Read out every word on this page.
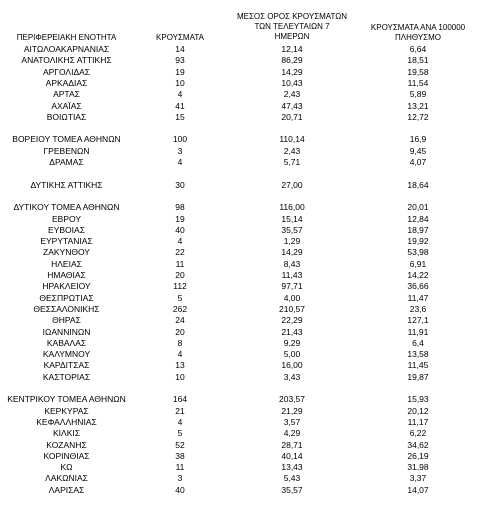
ΠΕΡΙΦΕΡΕΙΑΚΗ ΕΝΟΤΗΤΑ	ΚΡΟΥΣΜΑΤΑ
ΜΕΣΟΣ ΟΡΟΣ ΚΡΟΥΣΜΑΤΩΝ
ΤΩΝ ΤΕΛΕΥΤΑΙΩΝ 7
ΗΜΕΡΩΝ
ΚΡΟΥΣΜΑΤΑ ΑΝΑ 100000
ΠΛΗΘΥΣΜΟ
ΑΙΤΩΛΟΑΚΑΡΝΑΝΙΑΣ	14	12,14	6,64
ΑΝΑΤΟΛΙΚΗΣ ΑΤΤΙΚΗΣ	93	86,29	18,51
ΑΡΓΟΛΙΔΑΣ	19	14,29	19,58
ΑΡΚΑΔΙΑΣ	10	10,43	11,54
ΑΡΤΑΣ	4	2,43	5,89
ΑΧΑΪΑΣ	41	47,43	13,21
ΒΟΙΩΤΙΑΣ	15	20,71	12,72
ΒΟΡΕΙΟΥ ΤΟΜΕΑ ΑΘΗΝΩΝ	100	110,14	16,9
ΓΡΕΒΕΝΩΝ	3	2,43	9,45
ΔΡΑΜΑΣ	4	5,71	4,07
ΔΥΤΙΚΗΣ ΑΤΤΙΚΗΣ	30	27,00	18,64
ΔΥΤΙΚΟΥ ΤΟΜΕΑ ΑΘΗΝΩΝ	98	116,00	20,01
ΕΒΡΟΥ	19	15,14	12,84
ΕΥΒΟΙΑΣ	40	35,57	18,97
ΕΥΡΥΤΑΝΙΑΣ	4	1,29	19,92
ΖΑΚΥΝΘΟΥ	22	14,29	53,98
ΗΛΕΙΑΣ	11	8,43	6,91
ΗΜΑΘΙΑΣ	20	11,43	14,22
ΗΡΑΚΛΕΙΟΥ	112	97,71	36,66
ΘΕΣΠΡΩΤΙΑΣ	5	4,00	11,47
ΘΕΣΣΑΛΟΝΙΚΗΣ	262	210,57	23,6
ΘΗΡΑΣ	24	22,29	127,1
ΙΩΑΝΝΙΝΩΝ	20	21,43	11,91
ΚΑΒΑΛΑΣ	8	9,29	6,4
ΚΑΛΥΜΝΟΥ	4	5,00	13,58
ΚΑΡΔΙΤΣΑΣ	13	16,00	11,45
ΚΑΣΤΟΡΙΑΣ	10	3,43	19,87
ΚΕΝΤΡΙΚΟΥ ΤΟΜΕΑ ΑΘΗΝΩΝ	164	203,57	15,93
ΚΕΡΚΥΡΑΣ	21	21,29	20,12
ΚΕΦΑΛΛΗΝΙΑΣ	4	3,57	11,17
ΚΙΛΚΙΣ	5	4,29	6,22
ΚΟΖΑΝΗΣ	52	28,71	34,62
ΚΟΡΙΝΘΙΑΣ	38	40,14	26,19
ΚΩ	11	13,43	31,98
ΛΑΚΩΝΙΑΣ	3	5,43	3,37
ΛΑΡΙΣΑΣ	40	35,57	14,07
